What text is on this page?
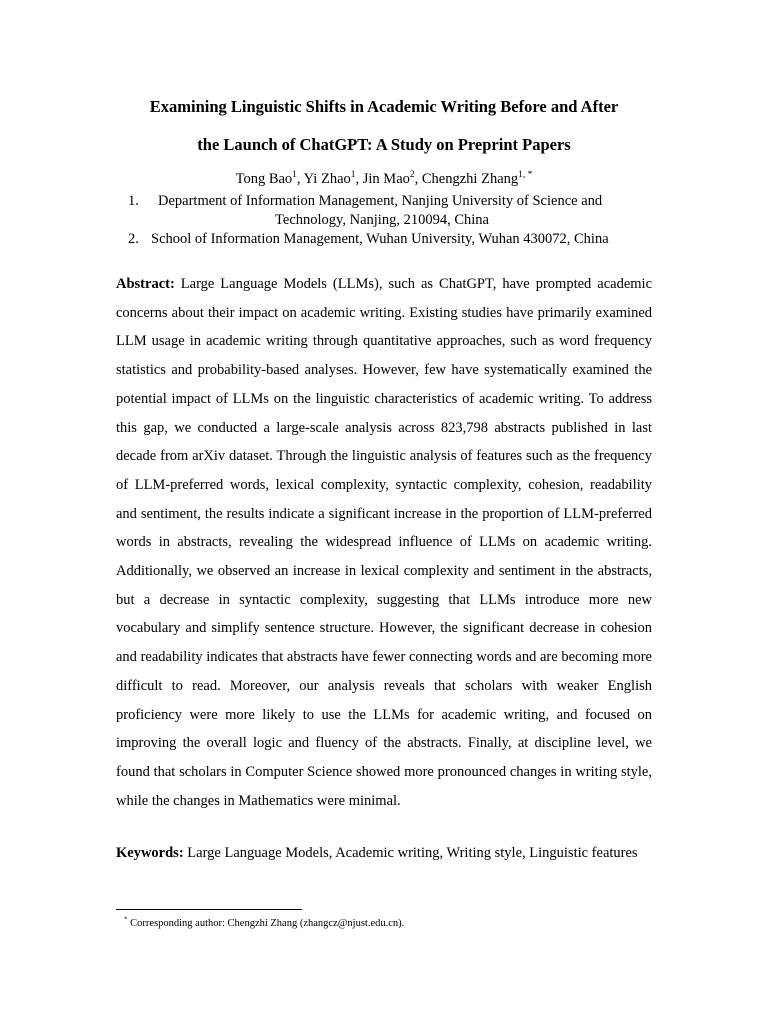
Examining Linguistic Shifts in Academic Writing Before and After
the Launch of ChatGPT: A Study on Preprint Papers
Tong Bao$^1$, Yi Zhao$^1$, Jin Mao$^2$, Chengzhi Zhang$^{1, *}$
1.	Department of Information Management, Nanjing University of Science and
Technology, Nanjing, 210094, China
2. School of Information Management, Wuhan University, Wuhan 430072, China

Abstract: Large Language Models (LLMs), such as ChatGPT, have prompted academic concerns about their impact on academic writing. Existing studies have primarily examined LLM usage in academic writing through quantitative approaches, such as word frequency statistics and probability-based analyses. However, few have systematically examined the potential impact of LLMs on the linguistic characteristics of academic writing. To address this gap, we conducted a large-scale analysis across 823,798 abstracts published in last decade from arXiv dataset. Through the linguistic analysis of features such as the frequency of LLM-preferred words, lexical complexity, syntactic complexity, cohesion, readability and sentiment, the results indicate a significant increase in the proportion of LLM-preferred words in abstracts, revealing the widespread influence of LLMs on academic writing. Additionally, we observed an increase in lexical complexity and sentiment in the abstracts, but a decrease in syntactic complexity, suggesting that LLMs introduce more new vocabulary and simplify sentence structure. However, the significant decrease in cohesion and readability indicates that abstracts have fewer connecting words and are becoming more difficult to read. Moreover, our analysis reveals that scholars with weaker English proficiency were more likely to use the LLMs for academic writing, and focused on improving the overall logic and fluency of the abstracts. Finally, at discipline level, we found that scholars in Computer Science showed more pronounced changes in writing style, while the changes in Mathematics were minimal.

Keywords: Large Language Models, Academic writing, Writing style, Linguistic features

* Corresponding author: Chengzhi Zhang (zhangcz@njust.edu.cn).
